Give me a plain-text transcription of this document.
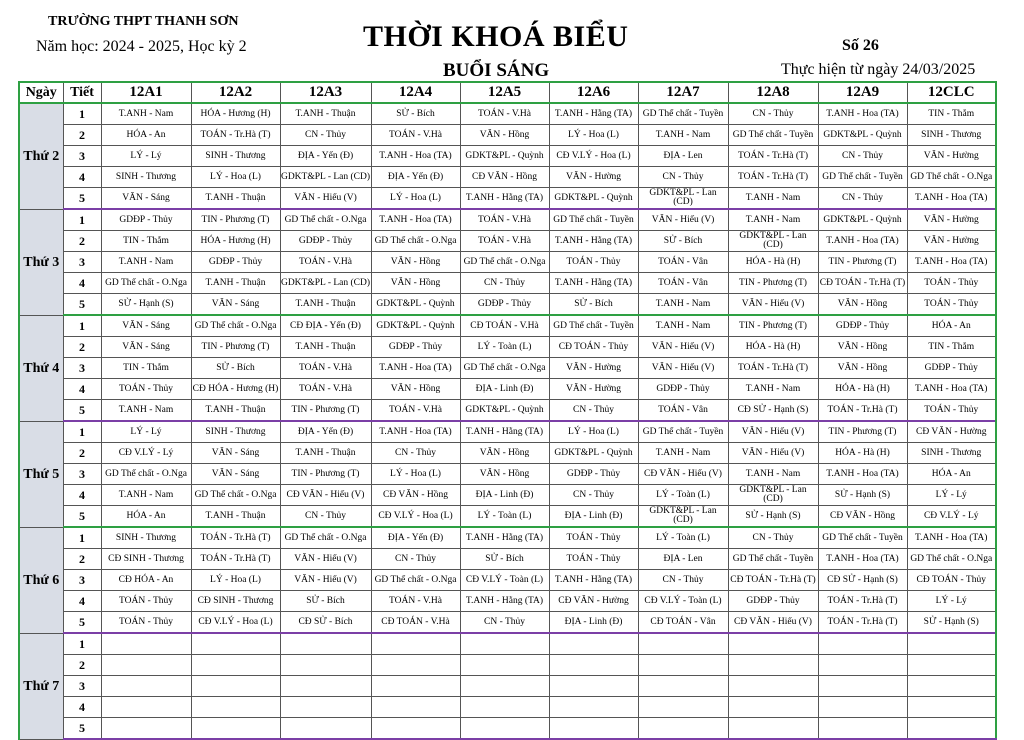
TRƯỜNG THPT THANH SƠN
Năm học: 2024 - 2025, Học kỳ 2	THỜI KHOÁ BIỂU
BUỔI SÁNG
Số 26
Thực hiện từ ngày 24/03/2025
Ngày	Tiết	12A1	12A2	12A3	12A4	12A5	12A6	12A7	12A8	12A9	12CLC
Thứ 2	1	T.ANH - Nam	HÓA - Hương (H)	T.ANH - Thuận	SỬ - Bích	TOÁN - V.Hà	T.ANH - Hằng (TA)	GD Thể chất - Tuyền	CN - Thủy	T.ANH - Hoa (TA)	TIN - Thắm
	2	HÓA - An	TOÁN - Tr.Hà (T)	CN - Thủy	TOÁN - V.Hà	VĂN - Hồng	LÝ - Hoa (L)	T.ANH - Nam	GD Thể chất - Tuyền	GDKT&PL - Quỳnh	SINH - Thương
	3	LÝ - Lý	SINH - Thương	ĐỊA - Yến (Đ)	T.ANH - Hoa (TA)	GDKT&PL - Quỳnh	CĐ V.LÝ - Hoa (L)	ĐỊA - Len	TOÁN - Tr.Hà (T)	CN - Thủy	VĂN - Hường
	4	SINH - Thương	LÝ - Hoa (L)	GDKT&PL - Lan (CD)	ĐỊA - Yến (Đ)	CĐ VĂN - Hồng	VĂN - Hường	CN - Thủy	TOÁN - Tr.Hà (T)	GD Thể chất - Tuyền	GD Thể chất - O.Nga
	5	VĂN - Sáng	T.ANH - Thuận	VĂN - Hiếu (V)	LÝ - Hoa (L)	T.ANH - Hằng (TA)	GDKT&PL - Quỳnh	GDKT&PL - Lan (CD)	T.ANH - Nam	CN - Thủy	T.ANH - Hoa (TA)
Thứ 3	1	GDĐP - Thủy	TIN - Phương (T)	GD Thể chất - O.Nga	T.ANH - Hoa (TA)	TOÁN - V.Hà	GD Thể chất - Tuyền	VĂN - Hiếu (V)	T.ANH - Nam	GDKT&PL - Quỳnh	VĂN - Hường
	2	TIN - Thắm	HÓA - Hương (H)	GDĐP - Thủy	GD Thể chất - O.Nga	TOÁN - V.Hà	T.ANH - Hằng (TA)	SỬ - Bích	GDKT&PL - Lan (CD)	T.ANH - Hoa (TA)	VĂN - Hường
	3	T.ANH - Nam	GDĐP - Thủy	TOÁN - V.Hà	VĂN - Hồng	GD Thể chất - O.Nga	TOÁN - Thủy	TOÁN - Vân	HÓA - Hà (H)	TIN - Phương (T)	T.ANH - Hoa (TA)
	4	GD Thể chất - O.Nga	T.ANH - Thuận	GDKT&PL - Lan (CD)	VĂN - Hồng	CN - Thủy	T.ANH - Hằng (TA)	TOÁN - Vân	TIN - Phương (T)	CĐ TOÁN - Tr.Hà (T)	TOÁN - Thủy
	5	SỬ - Hạnh (S)	VĂN - Sáng	T.ANH - Thuận	GDKT&PL - Quỳnh	GDĐP - Thủy	SỬ - Bích	T.ANH - Nam	VĂN - Hiếu (V)	VĂN - Hồng	TOÁN - Thủy
Thứ 4	1	VĂN - Sáng	GD Thể chất - O.Nga	CĐ ĐỊA - Yến (Đ)	GDKT&PL - Quỳnh	CĐ TOÁN - V.Hà	GD Thể chất - Tuyền	T.ANH - Nam	TIN - Phương (T)	GDĐP - Thủy	HÓA - An
	2	VĂN - Sáng	TIN - Phương (T)	T.ANH - Thuận	GDĐP - Thủy	LÝ - Toàn (L)	CĐ TOÁN - Thủy	VĂN - Hiếu (V)	HÓA - Hà (H)	VĂN - Hồng	TIN - Thắm
	3	TIN - Thắm	SỬ - Bích	TOÁN - V.Hà	T.ANH - Hoa (TA)	GD Thể chất - O.Nga	VĂN - Hường	VĂN - Hiếu (V)	TOÁN - Tr.Hà (T)	VĂN - Hồng	GDĐP - Thủy
	4	TOÁN - Thủy	CĐ HÓA - Hương (H)	TOÁN - V.Hà	VĂN - Hồng	ĐỊA - Linh (Đ)	VĂN - Hường	GDĐP - Thủy	T.ANH - Nam	HÓA - Hà (H)	T.ANH - Hoa (TA)
	5	T.ANH - Nam	T.ANH - Thuận	TIN - Phương (T)	TOÁN - V.Hà	GDKT&PL - Quỳnh	CN - Thủy	TOÁN - Vân	CĐ SỬ - Hạnh (S)	TOÁN - Tr.Hà (T)	TOÁN - Thủy
Thứ 5	1	LÝ - Lý	SINH - Thương	ĐỊA - Yến (Đ)	T.ANH - Hoa (TA)	T.ANH - Hằng (TA)	LÝ - Hoa (L)	GD Thể chất - Tuyền	VĂN - Hiếu (V)	TIN - Phương (T)	CĐ VĂN - Hường
	2	CĐ V.LÝ - Lý	VĂN - Sáng	T.ANH - Thuận	CN - Thủy	VĂN - Hồng	GDKT&PL - Quỳnh	T.ANH - Nam	VĂN - Hiếu (V)	HÓA - Hà (H)	SINH - Thương
	3	GD Thể chất - O.Nga	VĂN - Sáng	TIN - Phương (T)	LÝ - Hoa (L)	VĂN - Hồng	GDĐP - Thủy	CĐ VĂN - Hiếu (V)	T.ANH - Nam	T.ANH - Hoa (TA)	HÓA - An
	4	T.ANH - Nam	GD Thể chất - O.Nga	CĐ VĂN - Hiếu (V)	CĐ VĂN - Hồng	ĐỊA - Linh (Đ)	CN - Thủy	LÝ - Toàn (L)	GDKT&PL - Lan (CD)	SỬ - Hạnh (S)	LÝ - Lý
	5	HÓA - An	T.ANH - Thuận	CN - Thủy	CĐ V.LÝ - Hoa (L)	LÝ - Toàn (L)	ĐỊA - Linh (Đ)	GDKT&PL - Lan (CD)	SỬ - Hạnh (S)	CĐ VĂN - Hồng	CĐ V.LÝ - Lý
Thứ 6	1	SINH - Thương	TOÁN - Tr.Hà (T)	GD Thể chất - O.Nga	ĐỊA - Yến (Đ)	T.ANH - Hằng (TA)	TOÁN - Thủy	LÝ - Toàn (L)	CN - Thủy	GD Thể chất - Tuyền	T.ANH - Hoa (TA)
	2	CĐ SINH - Thương	TOÁN - Tr.Hà (T)	VĂN - Hiếu (V)	CN - Thủy	SỬ - Bích	TOÁN - Thủy	ĐỊA - Len	GD Thể chất - Tuyền	T.ANH - Hoa (TA)	GD Thể chất - O.Nga
	3	CĐ HÓA - An	LÝ - Hoa (L)	VĂN - Hiếu (V)	GD Thể chất - O.Nga	CĐ V.LÝ - Toàn (L)	T.ANH - Hằng (TA)	CN - Thủy	CĐ TOÁN - Tr.Hà (T)	CĐ SỬ - Hạnh (S)	CĐ TOÁN - Thủy
	4	TOÁN - Thủy	CĐ SINH - Thương	SỬ - Bích	TOÁN - V.Hà	T.ANH - Hằng (TA)	CĐ VĂN - Hường	CĐ V.LÝ - Toàn (L)	GDĐP - Thủy	TOÁN - Tr.Hà (T)	LÝ - Lý
	5	TOÁN - Thủy	CĐ V.LÝ - Hoa (L)	CĐ SỬ - Bích	CĐ TOÁN - V.Hà	CN - Thủy	ĐỊA - Linh (Đ)	CĐ TOÁN - Vân	CĐ VĂN - Hiếu (V)	TOÁN - Tr.Hà (T)	SỬ - Hạnh (S)
Thứ 7	1										
	2										
	3										
	4										
	5										
